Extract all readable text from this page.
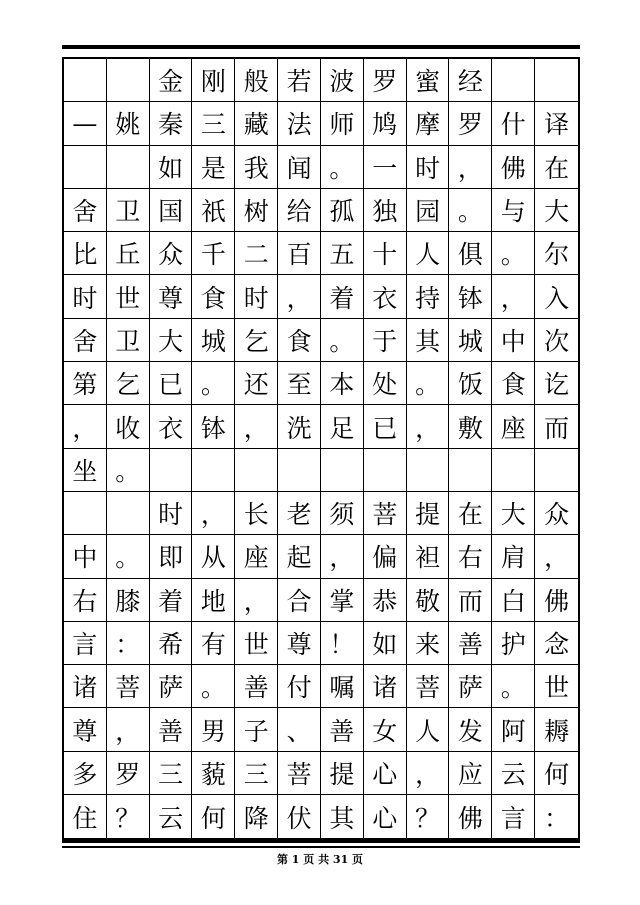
金 刚 般 若 波 罗 蜜 经
— 姚 秦 三 藏 法 师 鸠 摩 罗 什 译
如 是 我 闻 。 一 时 ， 佛 在
舍 卫 国 祇 树 给 孤 独 园 。 与 大
比 丘 众 千 二 百 五 十 人 俱 。 尔
时 世 尊 食 时 ， 着 衣 持 钵 ， 入
舍 卫 大 城 乞 食 。 于 其 城 中 次
第 乞 已 。 还 至 本 处 。 饭 食 讫
， 收 衣 钵 ， 洗 足 已 ， 敷 座 而
坐 。
时 ， 长 老 须 菩 提 在 大 众
中 。 即 从 座 起 ， 偏 袒 右 肩 ，
右 膝 着 地 ， 合 掌 恭 敬 而 白 佛
言 ： 希 有 世 尊 ！ 如 来 善 护 念
诸 菩 萨 。 善 付 嘱 诸 菩 萨 。 世
尊 ， 善 男 子 、 善 女 人 发 阿 耨
多 罗 三 藐 三 菩 提 心 ， 应 云 何
住 ？ 云 何 降 伏 其 心 ？ 佛 言 ：
第 1 页 共 31 页
